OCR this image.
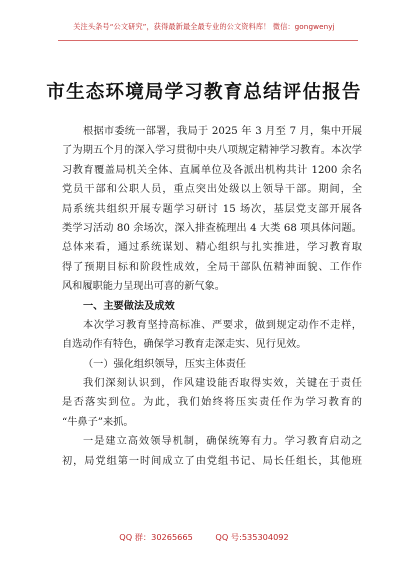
关注头条号“公文研究”，获得最新最全最专业的公文资料库！ 微信：gongwenyj
市生态环境局学习教育总结评估报告
根据市委统一部署，我局于 2025 年 3 月至 7 月，集中开展
了为期五个月的深入学习贯彻中央八项规定精神学习教育。本次学
习教育覆盖局机关全体、直属单位及各派出机构共计 1200 余名
党员干部和公职人员，重点突出处级以上领导干部。期间，全
局系统共组织开展专题学习研讨 15 场次，基层党支部开展各
类学习活动 80 余场次，深入排查梳理出 4 大类 68 项具体问题。
总体来看，通过系统谋划、精心组织与扎实推进，学习教育取
得了预期目标和阶段性成效，全局干部队伍精神面貌、工作作
风和履职能力呈现出可喜的新气象。
一、主要做法及成效
本次学习教育坚持高标准、严要求，做到规定动作不走样，
自选动作有特色，确保学习教育走深走实、见行见效。
（一）强化组织领导，压实主体责任
我们深刻认识到，作风建设能否取得实效，关键在于责任
是否落实到位。为此，我们始终将压实责任作为学习教育的
“牛鼻子”来抓。
一是建立高效领导机制，确保统筹有力。学习教育启动之
初，局党组第一时间成立了由党组书记、局长任组长，其他班
QQ 群：30265665	QQ 号:535304092
